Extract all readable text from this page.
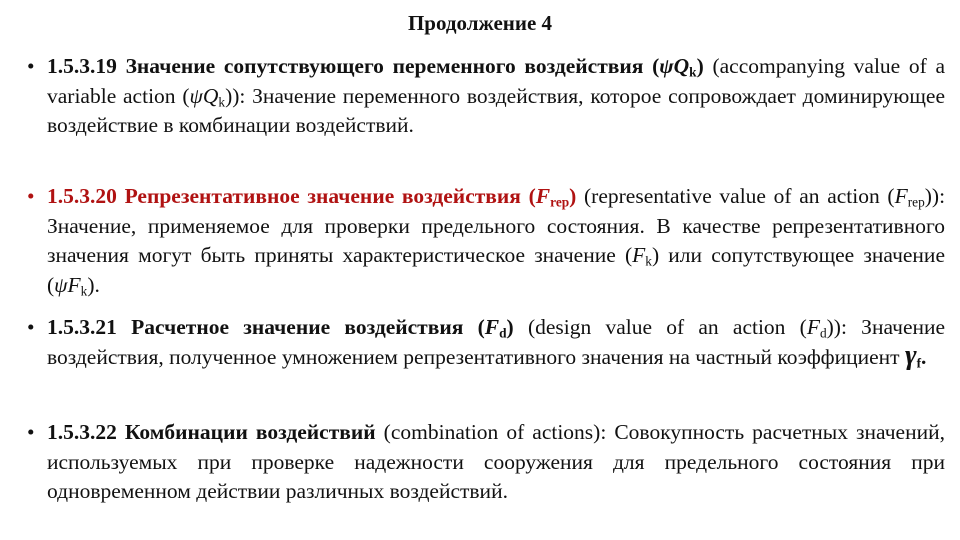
Продолжение 4
• 1.5.3.19 Значение сопутствующего переменного воздействия $(\psi Q_k)$ (accompanying value of a variable action $(\psi Q_k)$): Значение переменного воздействия, которое сопровождает доминирующее воздействие в комбинации воздействий.
• 1.5.3.20 Репрезентативное значение воздействия $(F_{rep})$ (representative value of an action $(F_{rep})$): Значение, применяемое для проверки предельного состояния. В качестве репрезентативного значения могут быть приняты характеристическое значение $(F_k)$ или сопутствующее значение $(\psi F_k)$.
• 1.5.3.21 Расчетное значение воздействия $(F_d)$ (design value of an action $(F_d)$): Значение воздействия, полученное умножением репрезентативного значения на частный коэффициент $\gamma_f$.
• 1.5.3.22 Комбинации воздействий (combination of actions): Совокупность расчетных значений, используемых при проверке надежности сооружения для предельного состояния при одновременном действии различных воздействий.
